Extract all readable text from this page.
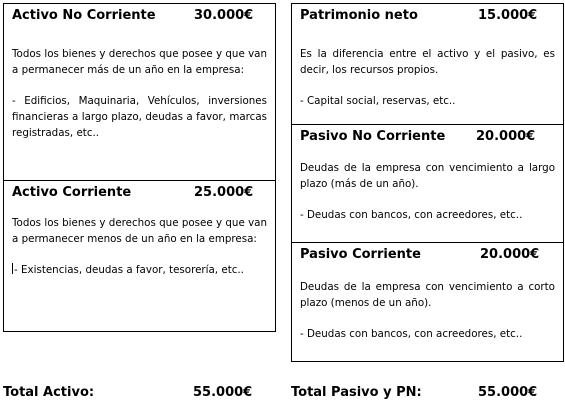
Activo No Corriente	30.000€
Todos los bienes y derechos que posee y que van a permanecer más de un año en la empresa:
- Edificios, Maquinaria, Vehículos, inversiones financieras a largo plazo, deudas a favor, marcas registradas, etc..
Activo Corriente	25.000€
Todos los bienes y derechos que posee y que van a permanecer menos de un año en la empresa:
- Existencias, deudas a favor, tesorería, etc..
Patrimonio neto	15.000€
Es la diferencia entre el activo y el pasivo, es decir, los recursos propios.
- Capital social, reservas, etc..
Pasivo No Corriente 20.000€
Deudas de la empresa con vencimiento a largo plazo (más de un año).
- Deudas con bancos, con acreedores, etc..
Pasivo Corriente	20.000€
Deudas de la empresa con vencimiento a corto plazo (menos de un año).
- Deudas con bancos, con acreedores, etc..
Total Activo:	55.000€	Total Pasivo y PN:	55.000€
